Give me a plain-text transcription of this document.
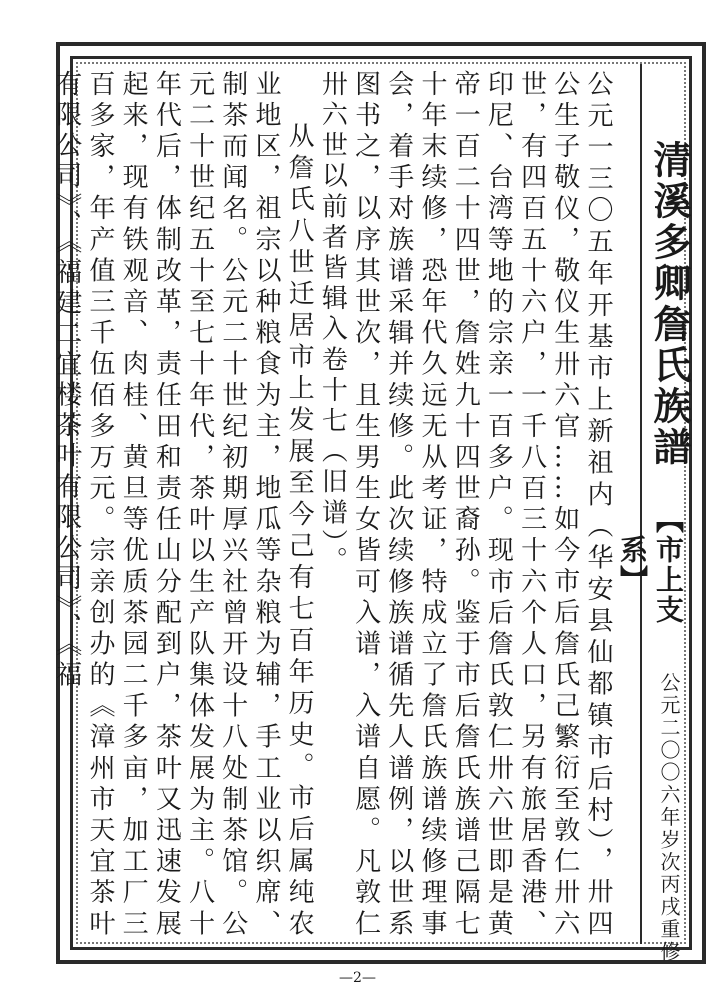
清溪多卿詹氏族譜
【市上支系】
公元二〇〇六年岁次丙戌重修

公元一三〇五年开基市上新祖内（华安县仙都镇市后村），卅四公生子敬仪，敬仪生卅六官……如今市后詹氏己繁衍至敦仁卅六世，有四百五十六户，一千八百三十六个人口，另有旅居香港、印尼、台湾等地的宗亲一百多户。现市后詹氏敦仁卅六世即是黄帝一百二十四世，詹姓九十四世裔孙。鉴于市后詹氏族谱己隔七十年末续修，恐年代久远无从考证，特成立了詹氏族谱续修理事会，着手对族谱采辑并续修。此次续修族谱循先人谱例，以世系图书之，以序其世次，且生男生女皆可入谱，入谱自愿。凡敦仁卅六世以前者皆辑入卷十七（旧谱）。

从詹氏八世迁居市上发展至今己有七百年历史。市后属纯农业地区，祖宗以种粮食为主，地瓜等杂粮为辅，手工业以织席、制茶而闻名。公元二十世纪初期厚兴社曾开设十八处制茶馆。公元二十世纪五十至七十年代，茶叶以生产队集体发展为主。八十年代后，体制改革，责任田和责任山分配到户，茶叶又迅速发展起来，现有铁观音、肉桂、黄旦等优质茶园二千多亩，加工厂三百多家，年产值三千伍佰多万元。宗亲创办的《漳州市天宜茶叶有限公司》、《福建二宜楼茶叶有限公司》、《福

—2—
